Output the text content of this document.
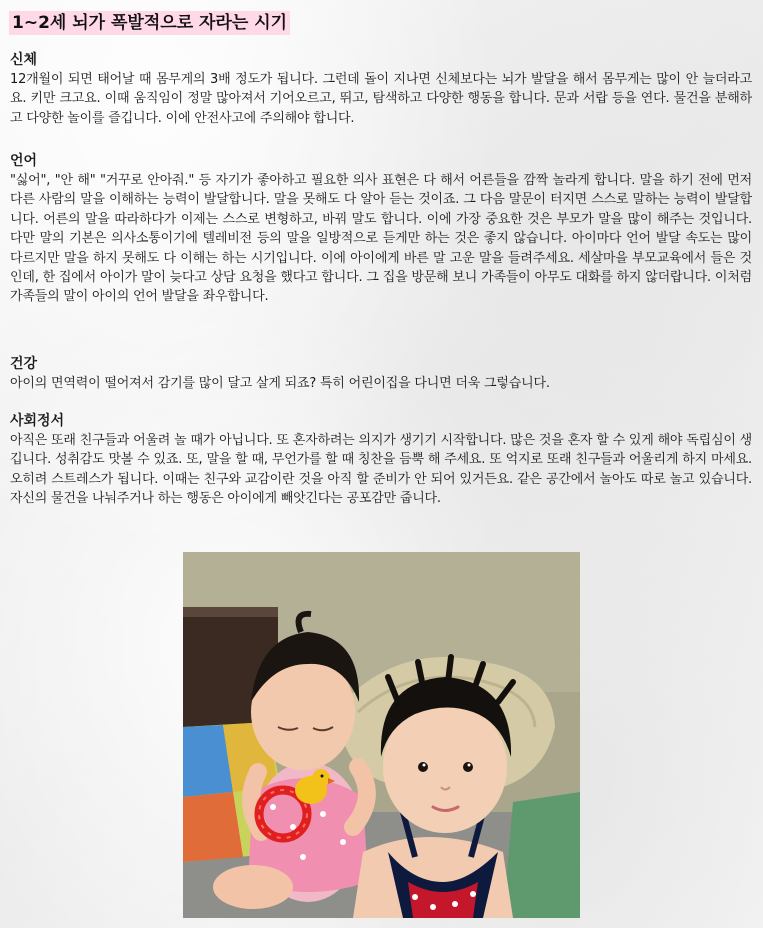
1~2세 뇌가 폭발적으로 자라는 시기
신체

12개월이 되면 태어날 때 몸무게의 3배 정도가 됩니다. 그런데 돌이 지나면 신체보다는 뇌가 발달을 해서 몸무게는 많이 안 늘더라고요. 키만 크고요. 이때 움직임이 정말 많아져서 기어오르고, 뛰고, 탐색하고 다양한 행동을 합니다. 문과 서랍 등을 연다. 물건을 분해하고 다양한 놀이를 즐깁니다. 이에 안전사고에 주의해야 합니다.

언어

"싫어", "안 해" "거꾸로 안아줘." 등 자기가 좋아하고 필요한 의사 표현은 다 해서 어른들을 깜짝 놀라게 합니다. 말을 하기 전에 먼저 다른 사람의 말을 이해하는 능력이 발달합니다. 말을 못해도 다 알아 듣는 것이죠. 그 다음 말문이 터지면 스스로 말하는 능력이 발달합니다. 어른의 말을 따라하다가 이제는 스스로 변형하고, 바꿔 말도 합니다. 이에 가장 중요한 것은 부모가 말을 많이 해주는 것입니다. 다만 말의 기본은 의사소통이기에 텔레비전 등의 말을 일방적으로 듣게만 하는 것은 좋지 않습니다. 아이마다 언어 발달 속도는 많이 다르지만 말을 하지 못해도 다 이해는 하는 시기입니다. 이에 아이에게 바른 말 고운 말을 들려주세요. 세살마을 부모교육에서 들은 것인데, 한 집에서 아이가 말이 늦다고 상담 요청을 했다고 합니다. 그 집을 방문해 보니 가족들이 아무도 대화를 하지 않더랍니다. 이처럼 가족들의 말이 아이의 언어 발달을 좌우합니다.

건강

아이의 면역력이 떨어져서 감기를 많이 달고 살게 되죠? 특히 어린이집을 다니면 더욱 그렇습니다.

사회정서

아직은 또래 친구들과 어울려 놀 때가 아닙니다. 또 혼자하려는 의지가 생기기 시작합니다. 많은 것을 혼자 할 수 있게 해야 독립심이 생깁니다. 성취감도 맛볼 수 있죠. 또, 말을 할 때, 무언가를 할 때 칭찬을 듬뿍 해 주세요. 또 억지로 또래 친구들과 어울리게 하지 마세요. 오히려 스트레스가 됩니다. 이때는 친구와 교감이란 것을 아직 할 준비가 안 되어 있거든요. 같은 공간에서 놀아도 따로 놀고 있습니다. 자신의 물건을 나눠주거나 하는 행동은 아이에게 빼앗긴다는 공포감만 줍니다.
